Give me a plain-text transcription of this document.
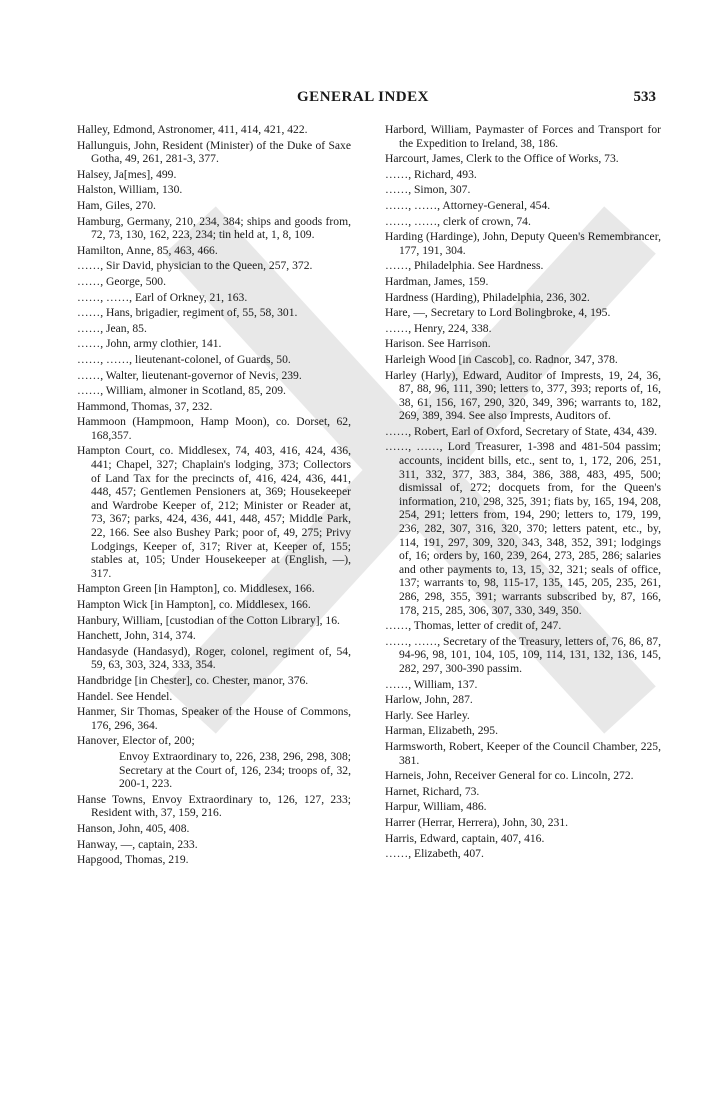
GENERAL INDEX	533
Halley, Edmond, Astronomer, 411, 414, 421, 422.
Hallunguis, John, Resident (Minister) of the Duke of Saxe Gotha, 49, 261, 281-3, 377.
Halsey, Ja[mes], 499.
Halston, William, 130.
Ham, Giles, 270.
Hamburg, Germany, 210, 234, 384; ships and goods from, 72, 73, 130, 162, 223, 234; tin held at, 1, 8, 109.
Hamilton, Anne, 85, 463, 466.
……, Sir David, physician to the Queen, 257, 372.
……, George, 500.
……, ……, Earl of Orkney, 21, 163.
……, Hans, brigadier, regiment of, 55, 58, 301.
……, Jean, 85.
……, John, army clothier, 141.
……, ……, lieutenant-colonel, of Guards, 50.
……, Walter, lieutenant-governor of Nevis, 239.
……, William, almoner in Scotland, 85, 209.
Hammond, Thomas, 37, 232.
Hammoon (Hampmoon, Hamp Moon), co. Dorset, 62, 168,357.
Hampton Court, co. Middlesex, 74, 403, 416, 424, 436, 441; Chapel, 327; Chaplain's lodging, 373; Collectors of Land Tax for the precincts of, 416, 424, 436, 441, 448, 457; Gentlemen Pensioners at, 369; Housekeeper and Wardrobe Keeper of, 212; Minister or Reader at, 73, 367; parks, 424, 436, 441, 448, 457; Middle Park, 22, 166. See also Bushey Park; poor of, 49, 275; Privy Lodgings, Keeper of, 317; River at, Keeper of, 155; stables at, 105; Under Housekeeper at (English, —), 317.
Hampton Green [in Hampton], co. Middlesex, 166.
Hampton Wick [in Hampton], co. Middlesex, 166.
Hanbury, William, [custodian of the Cotton Library], 16.
Hanchett, John, 314, 374.
Handasyde (Handasyd), Roger, colonel, regiment of, 54, 59, 63, 303, 324, 333, 354.
Handbridge [in Chester], co. Chester, manor, 376.
Handel. See Hendel.
Hanmer, Sir Thomas, Speaker of the House of Commons, 176, 296, 364.
Hanover, Elector of, 200;
Envoy Extraordinary to, 226, 238, 296, 298, 308; Secretary at the Court of, 126, 234; troops of, 32, 200-1, 223.
Hanse Towns, Envoy Extraordinary to, 126, 127, 233; Resident with, 37, 159, 216.
Hanson, John, 405, 408.
Hanway, —, captain, 233.
Hapgood, Thomas, 219.
Harbord, William, Paymaster of Forces and Transport for the Expedition to Ireland, 38, 186.
Harcourt, James, Clerk to the Office of Works, 73.
……, Richard, 493.
……, Simon, 307.
……, ……, Attorney-General, 454.
……, ……, clerk of crown, 74.
Harding (Hardinge), John, Deputy Queen's Remembrancer, 177, 191, 304.
……, Philadelphia. See Hardness.
Hardman, James, 159.
Hardness (Harding), Philadelphia, 236, 302.
Hare, —, Secretary to Lord Bolingbroke, 4, 195.
……, Henry, 224, 338.
Harison. See Harrison.
Harleigh Wood [in Cascob], co. Radnor, 347, 378.
Harley (Harly), Edward, Auditor of Imprests, 19, 24, 36, 87, 88, 96, 111, 390; letters to, 377, 393; reports of, 16, 38, 61, 156, 167, 290, 320, 349, 396; warrants to, 182, 269, 389, 394. See also Imprests, Auditors of.
……, Robert, Earl of Oxford, Secretary of State, 434, 439.
……, ……, Lord Treasurer, 1-398 and 481-504 passim; accounts, incident bills, etc., sent to, 1, 172, 206, 251, 311, 332, 377, 383, 384, 386, 388, 483, 495, 500; dismissal of, 272; docquets from, for the Queen's information, 210, 298, 325, 391; fiats by, 165, 194, 208, 254, 291; letters from, 194, 290; letters to, 179, 199, 236, 282, 307, 316, 320, 370; letters patent, etc., by, 114, 191, 297, 309, 320, 343, 348, 352, 391; lodgings of, 16; orders by, 160, 239, 264, 273, 285, 286; salaries and other payments to, 13, 15, 32, 321; seals of office, 137; warrants to, 98, 115-17, 135, 145, 205, 235, 261, 286, 298, 355, 391; warrants subscribed by, 87, 166, 178, 215, 285, 306, 307, 330, 349, 350.
……, Thomas, letter of credit of, 247.
……, ……, Secretary of the Treasury, letters of, 76, 86, 87, 94-96, 98, 101, 104, 105, 109, 114, 131, 132, 136, 145, 282, 297, 300-390 passim.
……, William, 137.
Harlow, John, 287.
Harly. See Harley.
Harman, Elizabeth, 295.
Harmsworth, Robert, Keeper of the Council Chamber, 225, 381.
Harneis, John, Receiver General for co. Lincoln, 272.
Harnet, Richard, 73.
Harpur, William, 486.
Harrer (Herrar, Herrera), John, 30, 231.
Harris, Edward, captain, 407, 416.
……, Elizabeth, 407.
